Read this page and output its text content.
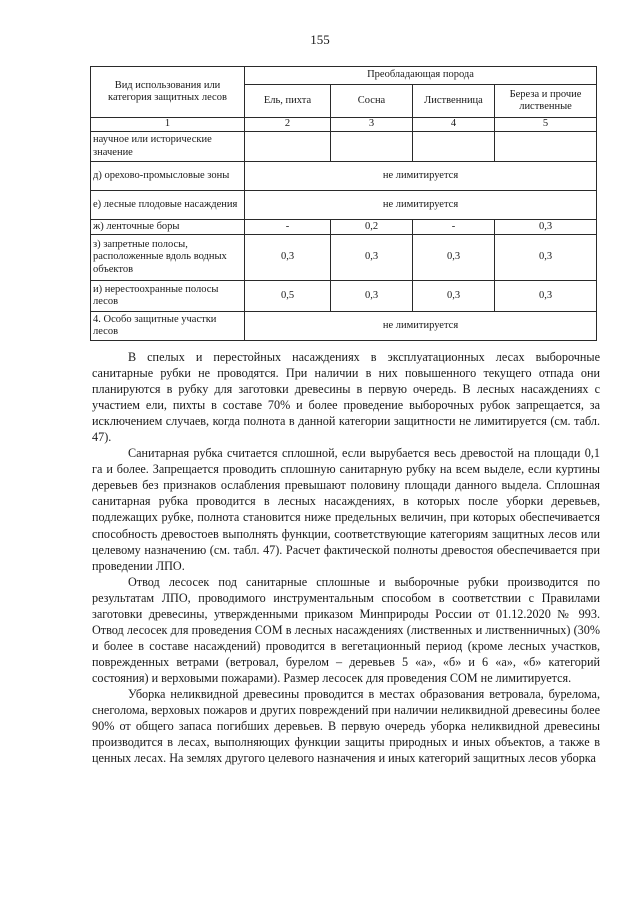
155
Вид использования или категория защитных лесов	Преобладающая порода			
	Ель, пихта	Сосна	Лиственница	Береза и прочие лиственные
1	2	3	4	5
научное или исторические значение				
д) орехово-промысловые зоны	не лимитируется			
е) лесные плодовые насаждения	не лимитируется			
ж) ленточные боры	-	0,2	-	0,3
з) запретные полосы, расположенные вдоль водных объектов	0,3	0,3	0,3	0,3
и) нерестоохранные полосы лесов	0,5	0,3	0,3	0,3
4. Особо защитные участки лесов	не лимитируется			

В спелых и перестойных насаждениях в эксплуатационных лесах выборочные санитарные рубки не проводятся. При наличии в них повышенного текущего отпада они планируются в рубку для заготовки древесины в первую очередь. В лесных насаждениях с участием ели, пихты в составе 70% и более проведение выборочных рубок запрещается, за исключением случаев, когда полнота в данной категории защитности не лимитируется (см. табл. 47).

Санитарная рубка считается сплошной, если вырубается весь древостой на площади 0,1 га и более. Запрещается проводить сплошную санитарную рубку на всем выделе, если куртины деревьев без признаков ослабления превышают половину площади данного выдела. Сплошная санитарная рубка проводится в лесных насаждениях, в которых после уборки деревьев, подлежащих рубке, полнота становится ниже предельных величин, при которых обеспечивается способность древостоев выполнять функции, соответствующие категориям защитных лесов или целевому назначению (см. табл. 47). Расчет фактической полноты древостоя обеспечивается при проведении ЛПО.

Отвод лесосек под санитарные сплошные и выборочные рубки производится по результатам ЛПО, проводимого инструментальным способом в соответствии с Правилами заготовки древесины, утвержденными приказом Минприроды России от 01.12.2020 № 993. Отвод лесосек для проведения СОМ в лесных насаждениях (лиственных и лиственничных) (30% и более в составе насаждений) проводится в вегетационный период (кроме лесных участков, поврежденных ветрами (ветровал, бурелом – деревьев 5 «а», «б» и 6 «а», «б» категорий состояния) и верховыми пожарами). Размер лесосек для проведения СОМ не лимитируется.

Уборка неликвидной древесины проводится в местах образования ветровала, бурелома, снеголома, верховых пожаров и других повреждений при наличии неликвидной древесины более 90% от общего запаса погибших деревьев. В первую очередь уборка неликвидной древесины производится в лесах, выполняющих функции защиты природных и иных объектов, а также в ценных лесах. На землях другого целевого назначения и иных категорий защитных лесов уборка
